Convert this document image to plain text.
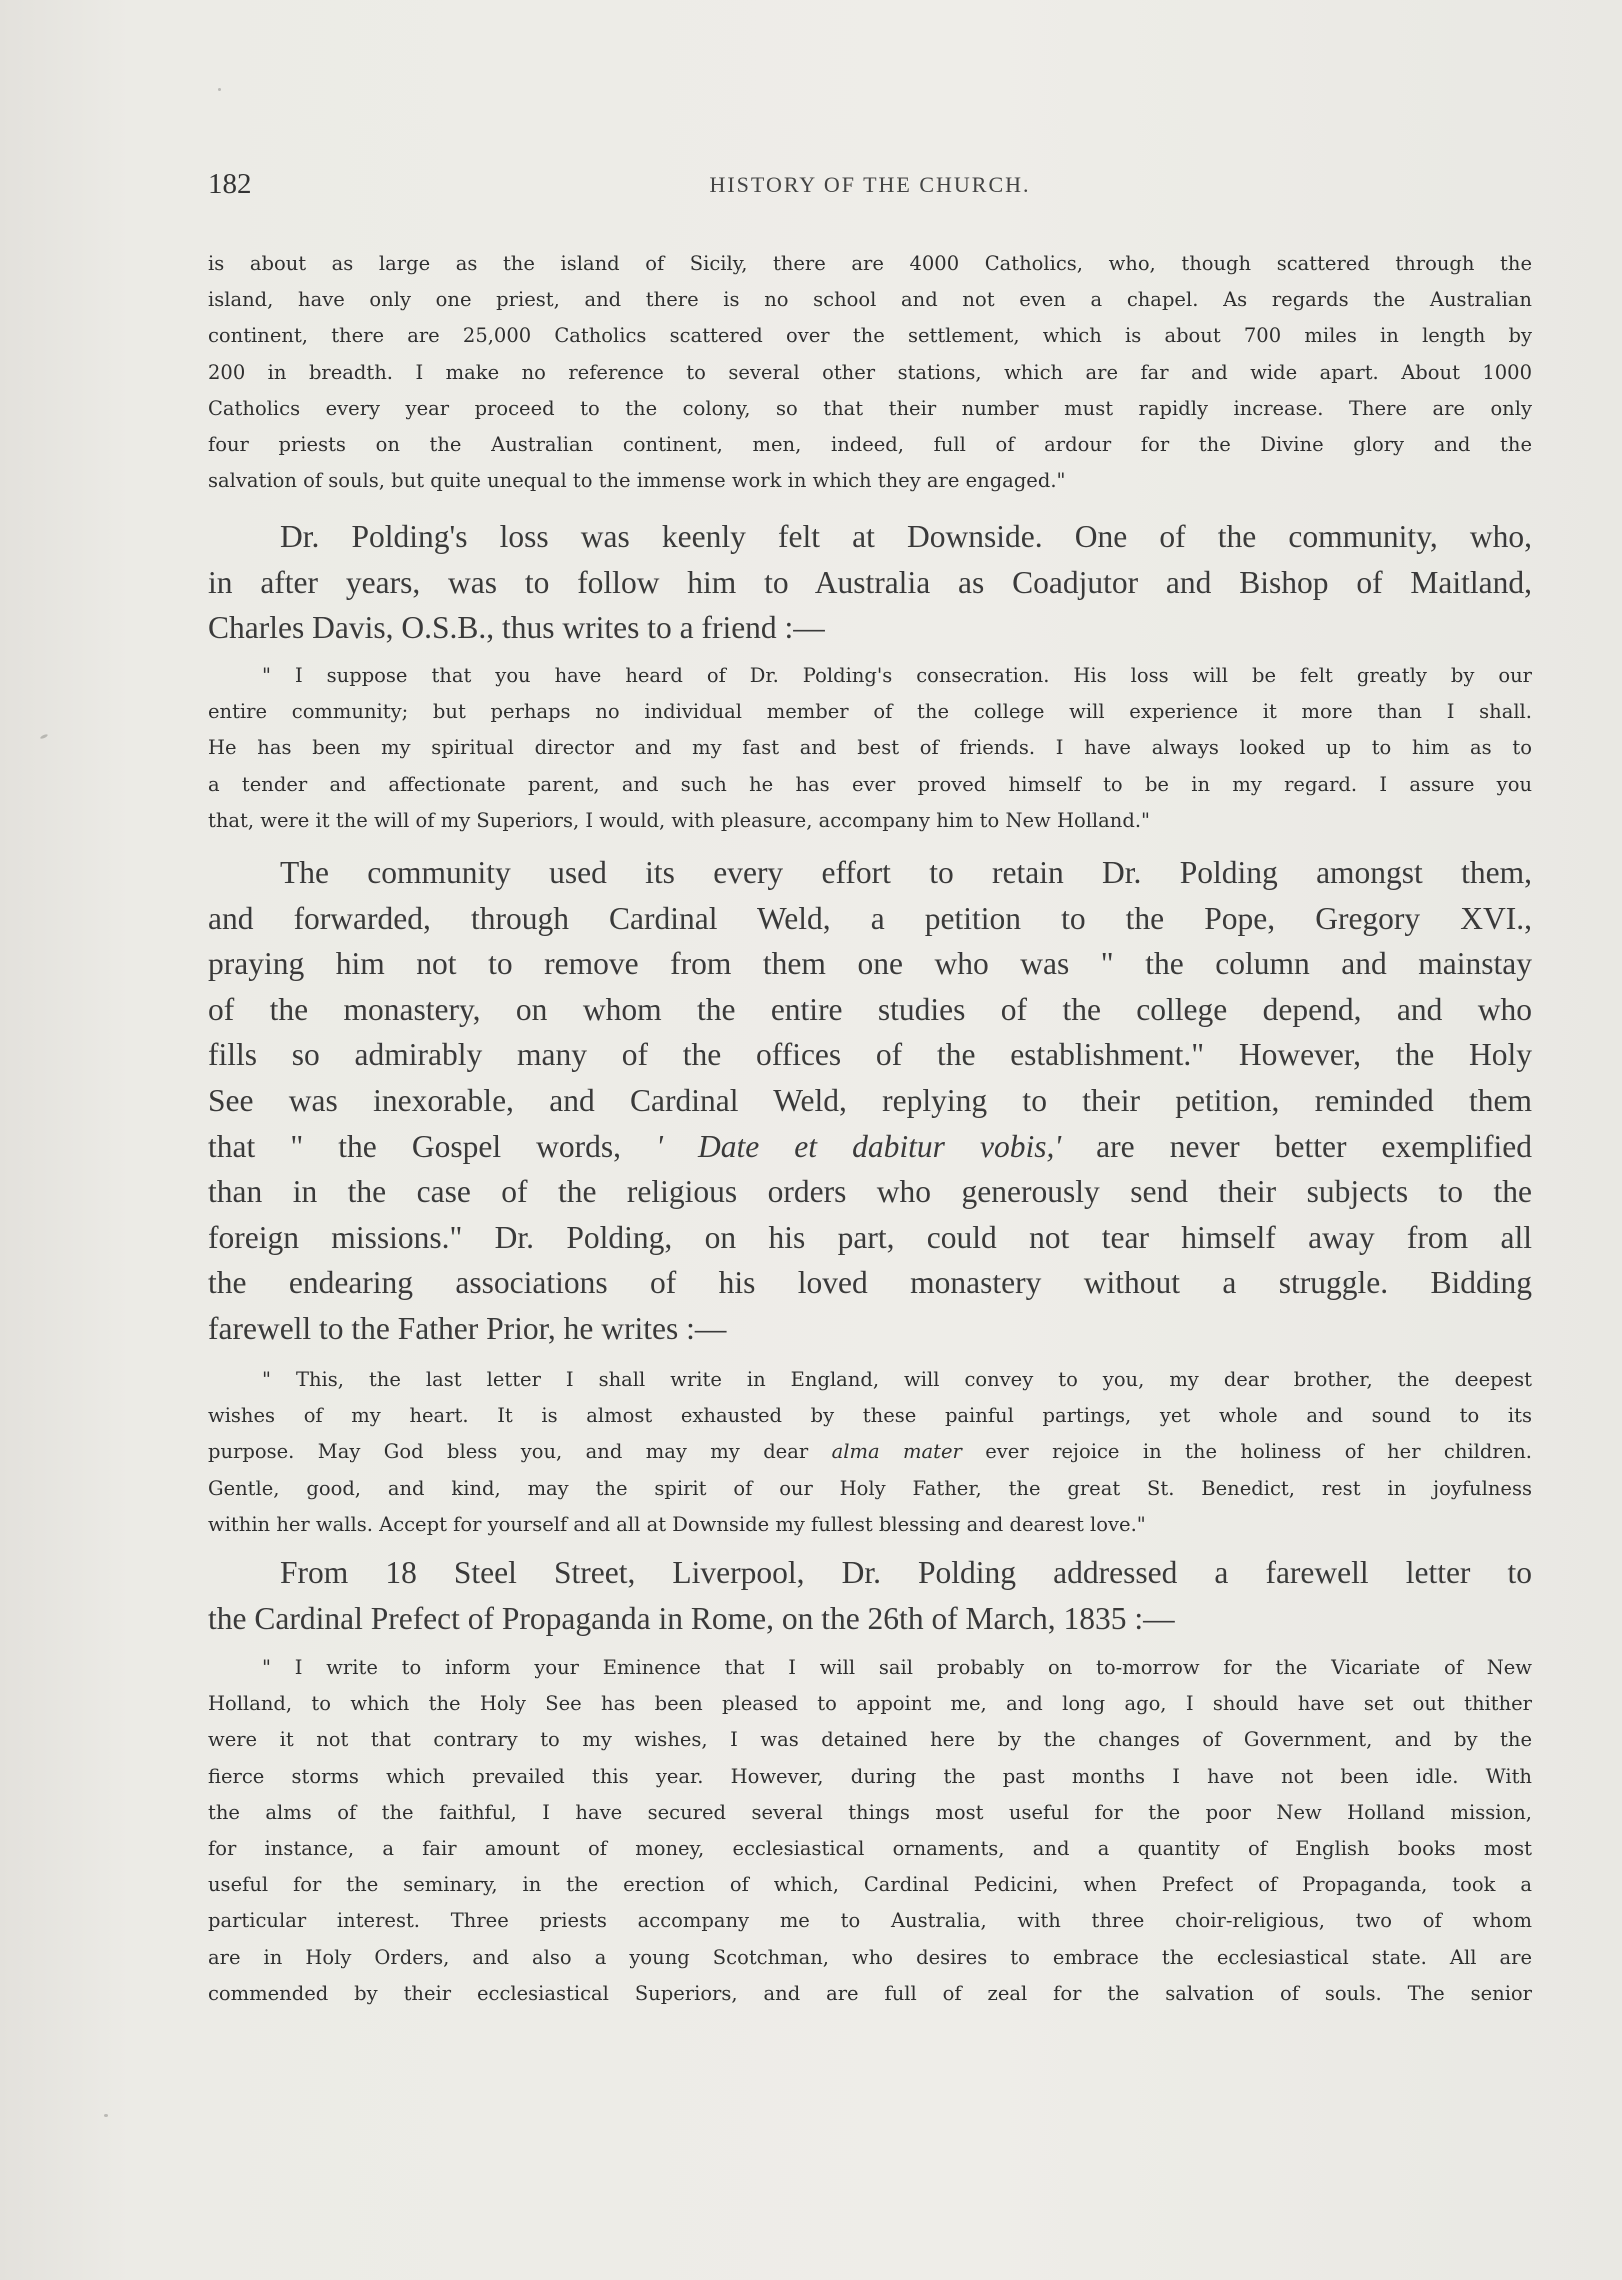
182	HISTORY OF THE CHURCH.
is about as large as the island of Sicily, there are 4000 Catholics, who, though scattered through the
island, have only one priest, and there is no school and not even a chapel. As regards the Australian
continent, there are 25,000 Catholics scattered over the settlement, which is about 700 miles in length by
200 in breadth. I make no reference to several other stations, which are far and wide apart. About 1000
Catholics every year proceed to the colony, so that their number must rapidly increase. There are only
four priests on the Australian continent, men, indeed, full of ardour for the Divine glory and the
salvation of souls, but quite unequal to the immense work in which they are engaged."
Dr. Polding's loss was keenly felt at Downside. One of the community, who,
in after years, was to follow him to Australia as Coadjutor and Bishop of Maitland,
Charles Davis, O.S.B., thus writes to a friend :—
" I suppose that you have heard of Dr. Polding's consecration. His loss will be felt greatly by our
entire community; but perhaps no individual member of the college will experience it more than I shall.
He has been my spiritual director and my fast and best of friends. I have always looked up to him as to
a tender and affectionate parent, and such he has ever proved himself to be in my regard. I assure you
that, were it the will of my Superiors, I would, with pleasure, accompany him to New Holland."
The community used its every effort to retain Dr. Polding amongst them,
and forwarded, through Cardinal Weld, a petition to the Pope, Gregory XVI.,
praying him not to remove from them one who was " the column and mainstay
of the monastery, on whom the entire studies of the college depend, and who
fills so admirably many of the offices of the establishment." However, the Holy
See was inexorable, and Cardinal Weld, replying to their petition, reminded them
that " the Gospel words, ' Date et dabitur vobis,' are never better exemplified
than in the case of the religious orders who generously send their subjects to the
foreign missions." Dr. Polding, on his part, could not tear himself away from all
the endearing associations of his loved monastery without a struggle. Bidding
farewell to the Father Prior, he writes :—
" This, the last letter I shall write in England, will convey to you, my dear brother, the deepest
wishes of my heart. It is almost exhausted by these painful partings, yet whole and sound to its
purpose. May God bless you, and may my dear alma mater ever rejoice in the holiness of her children.
Gentle, good, and kind, may the spirit of our Holy Father, the great St. Benedict, rest in joyfulness
within her walls. Accept for yourself and all at Downside my fullest blessing and dearest love."
From 18 Steel Street, Liverpool, Dr. Polding addressed a farewell letter to
the Cardinal Prefect of Propaganda in Rome, on the 26th of March, 1835 :—
" I write to inform your Eminence that I will sail probably on to-morrow for the Vicariate of New
Holland, to which the Holy See has been pleased to appoint me, and long ago, I should have set out thither
were it not that contrary to my wishes, I was detained here by the changes of Government, and by the
fierce storms which prevailed this year. However, during the past months I have not been idle. With
the alms of the faithful, I have secured several things most useful for the poor New Holland mission,
for instance, a fair amount of money, ecclesiastical ornaments, and a quantity of English books most
useful for the seminary, in the erection of which, Cardinal Pedicini, when Prefect of Propaganda, took a
particular interest. Three priests accompany me to Australia, with three choir-religious, two of whom
are in Holy Orders, and also a young Scotchman, who desires to embrace the ecclesiastical state. All are
commended by their ecclesiastical Superiors, and are full of zeal for the salvation of souls. The senior
